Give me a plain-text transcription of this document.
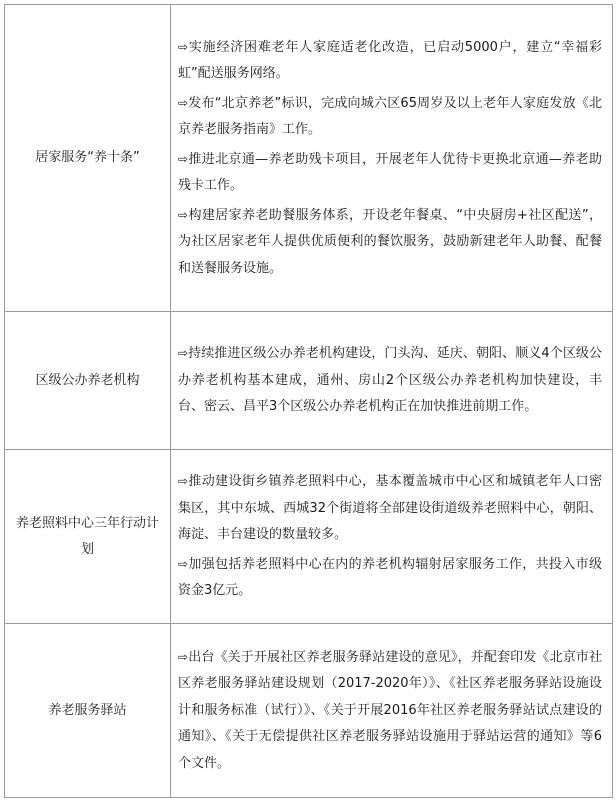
居家服务“养十条”	⇨实施经济困难老年人家庭适老化改造，已启动5000户，建立“幸福彩虹”配送服务网络。
⇨发布“北京养老”标识，完成向城六区65周岁及以上老年人家庭发放《北京养老服务指南》工作。
⇨推进北京通—养老助残卡项目，开展老年人优待卡更换北京通—养老助残卡工作。
⇨构建居家养老助餐服务体系，开设老年餐桌、“中央厨房+社区配送”，为社区居家老年人提供优质便利的餐饮服务，鼓励新建老年人助餐、配餐和送餐服务设施。

区级公办养老机构	⇨持续推进区级公办养老机构建设，门头沟、延庆、朝阳、顺义4个区级公办养老机构基本建成，通州、房山2个区级公办养老机构加快建设，丰台、密云、昌平3个区级公办养老机构正在加快推进前期工作。

养老照料中心三年行动计划	⇨推动建设街乡镇养老照料中心，基本覆盖城市中心区和城镇老年人口密集区，其中东城、西城32个街道将全部建设街道级养老照料中心，朝阳、海淀、丰台建设的数量较多。
⇨加强包括养老照料中心在内的养老机构辐射居家服务工作，共投入市级资金3亿元。

养老服务驿站	⇨出台《关于开展社区养老服务驿站建设的意见》，并配套印发《北京市社区养老服务驿站建设规划（2017-2020年）》、《社区养老服务驿站设施设计和服务标准（试行）》、《关于开展2016年社区养老服务驿站试点建设的通知》、《关于无偿提供社区养老服务驿站设施用于驿站运营的通知》等6个文件。
